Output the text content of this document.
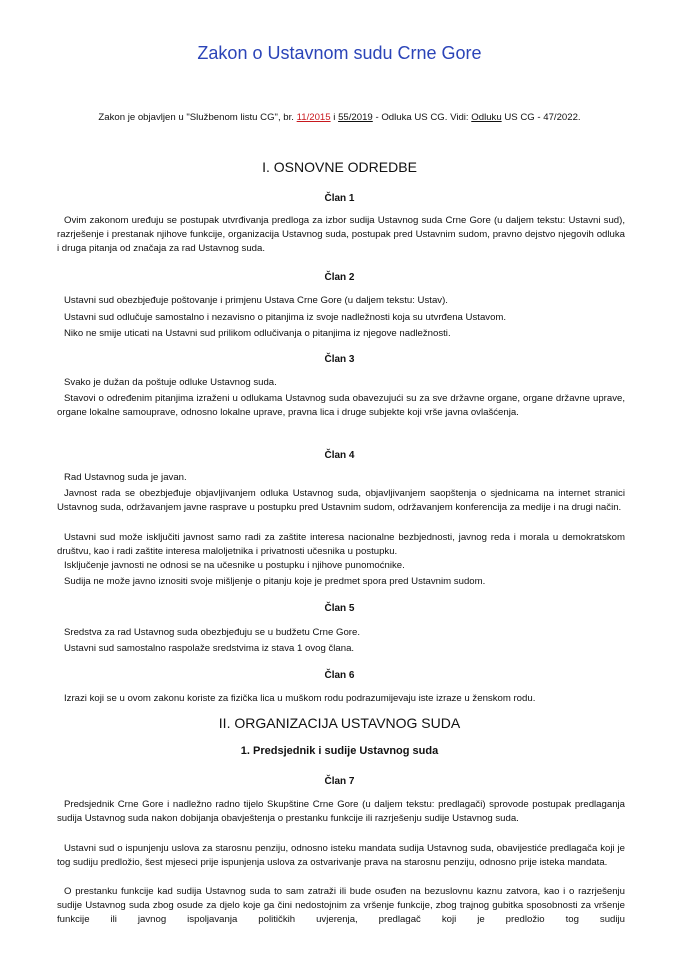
Zakon o Ustavnom sudu Crne Gore
Zakon je objavljen u "Službenom listu CG", br. 11/2015 i 55/2019 - Odluka US CG. Vidi: Odluku US CG - 47/2022.
I. OSNOVNE ODREDBE
Član 1
Ovim zakonom uređuju se postupak utvrđivanja predloga za izbor sudija Ustavnog suda Crne Gore (u daljem tekstu: Ustavni sud), razrješenje i prestanak njihove funkcije, organizacija Ustavnog suda, postupak pred Ustavnim sudom, pravno dejstvo njegovih odluka i druga pitanja od značaja za rad Ustavnog suda.
Član 2
Ustavni sud obezbjeđuje poštovanje i primjenu Ustava Crne Gore (u daljem tekstu: Ustav).
Ustavni sud odlučuje samostalno i nezavisno o pitanjima iz svoje nadležnosti koja su utvrđena Ustavom.
Niko ne smije uticati na Ustavni sud prilikom odlučivanja o pitanjima iz njegove nadležnosti.
Član 3
Svako je dužan da poštuje odluke Ustavnog suda.
Stavovi o određenim pitanjima izraženi u odlukama Ustavnog suda obavezujući su za sve državne organe, organe državne uprave, organe lokalne samouprave, odnosno lokalne uprave, pravna lica i druge subjekte koji vrše javna ovlašćenja.
Član 4
Rad Ustavnog suda je javan.
Javnost rada se obezbjeđuje objavljivanjem odluka Ustavnog suda, objavljivanjem saopštenja o sjednicama na internet stranici Ustavnog suda, održavanjem javne rasprave u postupku pred Ustavnim sudom, održavanjem konferencija za medije i na drugi način.
Ustavni sud može isključiti javnost samo radi za zaštite interesa nacionalne bezbjednosti, javnog reda i morala u demokratskom društvu, kao i radi zaštite interesa maloljetnika i privatnosti učesnika u postupku.
Isključenje javnosti ne odnosi se na učesnike u postupku i njihove punomoćnike.
Sudija ne može javno iznositi svoje mišljenje o pitanju koje je predmet spora pred Ustavnim sudom.
Član 5
Sredstva za rad Ustavnog suda obezbjeđuju se u budžetu Crne Gore.
Ustavni sud samostalno raspolaže sredstvima iz stava 1 ovog člana.
Član 6
Izrazi koji se u ovom zakonu koriste za fizička lica u muškom rodu podrazumijevaju iste izraze u ženskom rodu.
II. ORGANIZACIJA USTAVNOG SUDA
1. Predsjednik i sudije Ustavnog suda
Član 7
Predsjednik Crne Gore i nadležno radno tijelo Skupštine Crne Gore (u daljem tekstu: predlagači) sprovode postupak predlaganja sudija Ustavnog suda nakon dobijanja obavještenja o prestanku funkcije ili razrješenju sudije Ustavnog suda.
Ustavni sud o ispunjenju uslova za starosnu penziju, odnosno isteku mandata sudija Ustavnog suda, obavijestiće predlagača koji je tog sudiju predložio, šest mjeseci prije ispunjenja uslova za ostvarivanje prava na starosnu penziju, odnosno prije isteka mandata.
O prestanku funkcije kad sudija Ustavnog suda to sam zatraži ili bude osuđen na bezuslovnu kaznu zatvora, kao i o razrješenju sudije Ustavnog suda zbog osude za djelo koje ga čini nedostojnim za vršenje funkcije, zbog trajnog gubitka sposobnosti za vršenje funkcije ili javnog ispoljavanja političkih uvjerenja, predlagač koji je predložio tog sudiju
